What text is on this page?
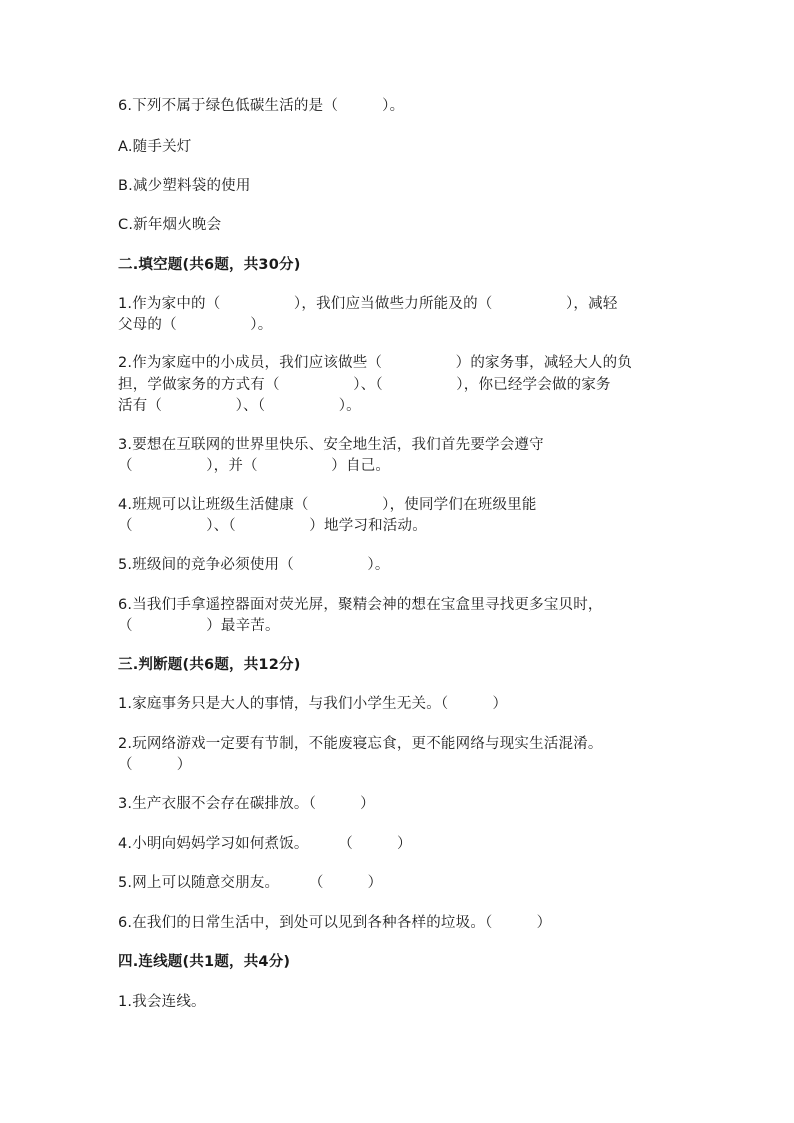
6.下列不属于绿色低碳生活的是（　　　）。
A.随手关灯
B.减少塑料袋的使用
C.新年烟火晚会
二.填空题(共6题，共30分)
1.作为家中的（　　　　　），我们应当做些力所能及的（　　　　　），减轻
父母的（　　　　　）。
2.作为家庭中的小成员，我们应该做些（　　　　　）的家务事，减轻大人的负
担，学做家务的方式有（　　　　　）、（　　　　　），你已经学会做的家务
活有（　　　　　）、（　　　　　）。
3.要想在互联网的世界里快乐、安全地生活，我们首先要学会遵守
（　　　　　），并（　　　　　）自己。
4.班规可以让班级生活健康（　　　　　），使同学们在班级里能
（　　　　　）、（　　　　　）地学习和活动。
5.班级间的竞争必须使用（　　　　　）。
6.当我们手拿遥控器面对荧光屏，聚精会神的想在宝盒里寻找更多宝贝时，
（　　　　　）最辛苦。
三.判断题(共6题，共12分)
1.家庭事务只是大人的事情，与我们小学生无关。（　　　）
2.玩网络游戏一定要有节制，不能废寝忘食，更不能网络与现实生活混淆。
（　　　）
3.生产衣服不会存在碳排放。（　　　）
4.小明向妈妈学习如何煮饭。　　　（　　　）
5.网上可以随意交朋友。　　　（　　　）
6.在我们的日常生活中，到处可以见到各种各样的垃圾。（　　　）
四.连线题(共1题，共4分)
1.我会连线。
